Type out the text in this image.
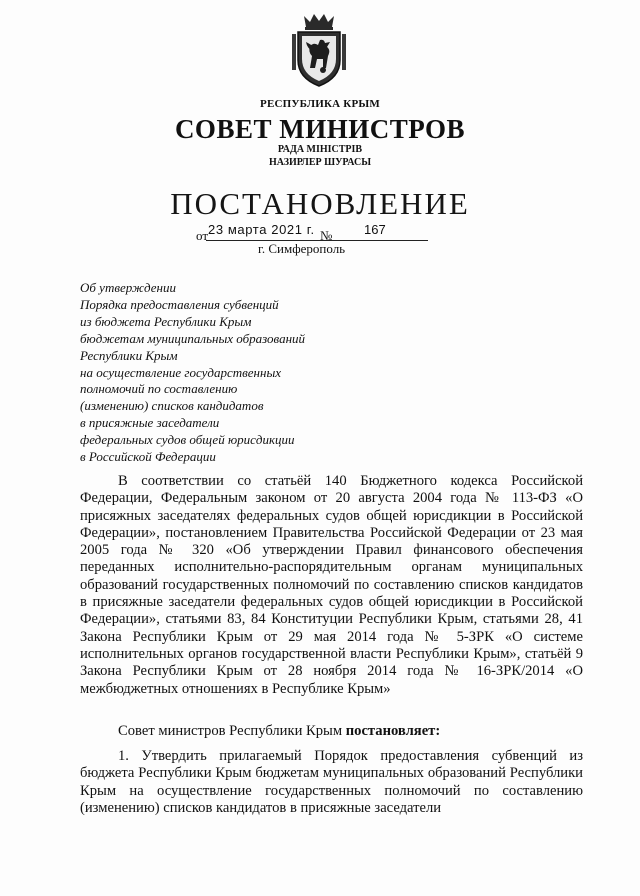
РЕСПУБЛИКА КРЫМ
СОВЕТ МИНИСТРОВ
РАДА МІНІСТРІВ
НАЗИРЛЕР ШУРАСЫ
ПОСТАНОВЛЕНИЕ
от 23 марта 2021 г. № 167
г. Симферополь
Об утверждении
Порядка предоставления субвенций
из бюджета Республики Крым
бюджетам муниципальных образований
Республики Крым
на осуществление государственных
полномочий по составлению
(изменению) списков кандидатов
в присяжные заседатели
федеральных судов общей юрисдикции
в Российской Федерации
В соответствии со статьёй 140 Бюджетного кодекса Российской Федерации, Федеральным законом от 20 августа 2004 года № 113-ФЗ «О присяжных заседателях федеральных судов общей юрисдикции в Российской Федерации», постановлением Правительства Российской Федерации от 23 мая 2005 года № 320 «Об утверждении Правил финансового обеспечения переданных исполнительно-распорядительным органам муниципальных образований государственных полномочий по составлению списков кандидатов в присяжные заседатели федеральных судов общей юрисдикции в Российской Федерации», статьями 83, 84 Конституции Республики Крым, статьями 28, 41 Закона Республики Крым от 29 мая 2014 года № 5-ЗРК «О системе исполнительных органов государственной власти Республики Крым», статьёй 9 Закона Республики Крым от 28 ноября 2014 года № 16-ЗРК/2014 «О межбюджетных отношениях в Республике Крым»
Совет министров Республики Крым постановляет:
1. Утвердить прилагаемый Порядок предоставления субвенций из бюджета Республики Крым бюджетам муниципальных образований Республики Крым на осуществление государственных полномочий по составлению (изменению) списков кандидатов в присяжные заседатели
